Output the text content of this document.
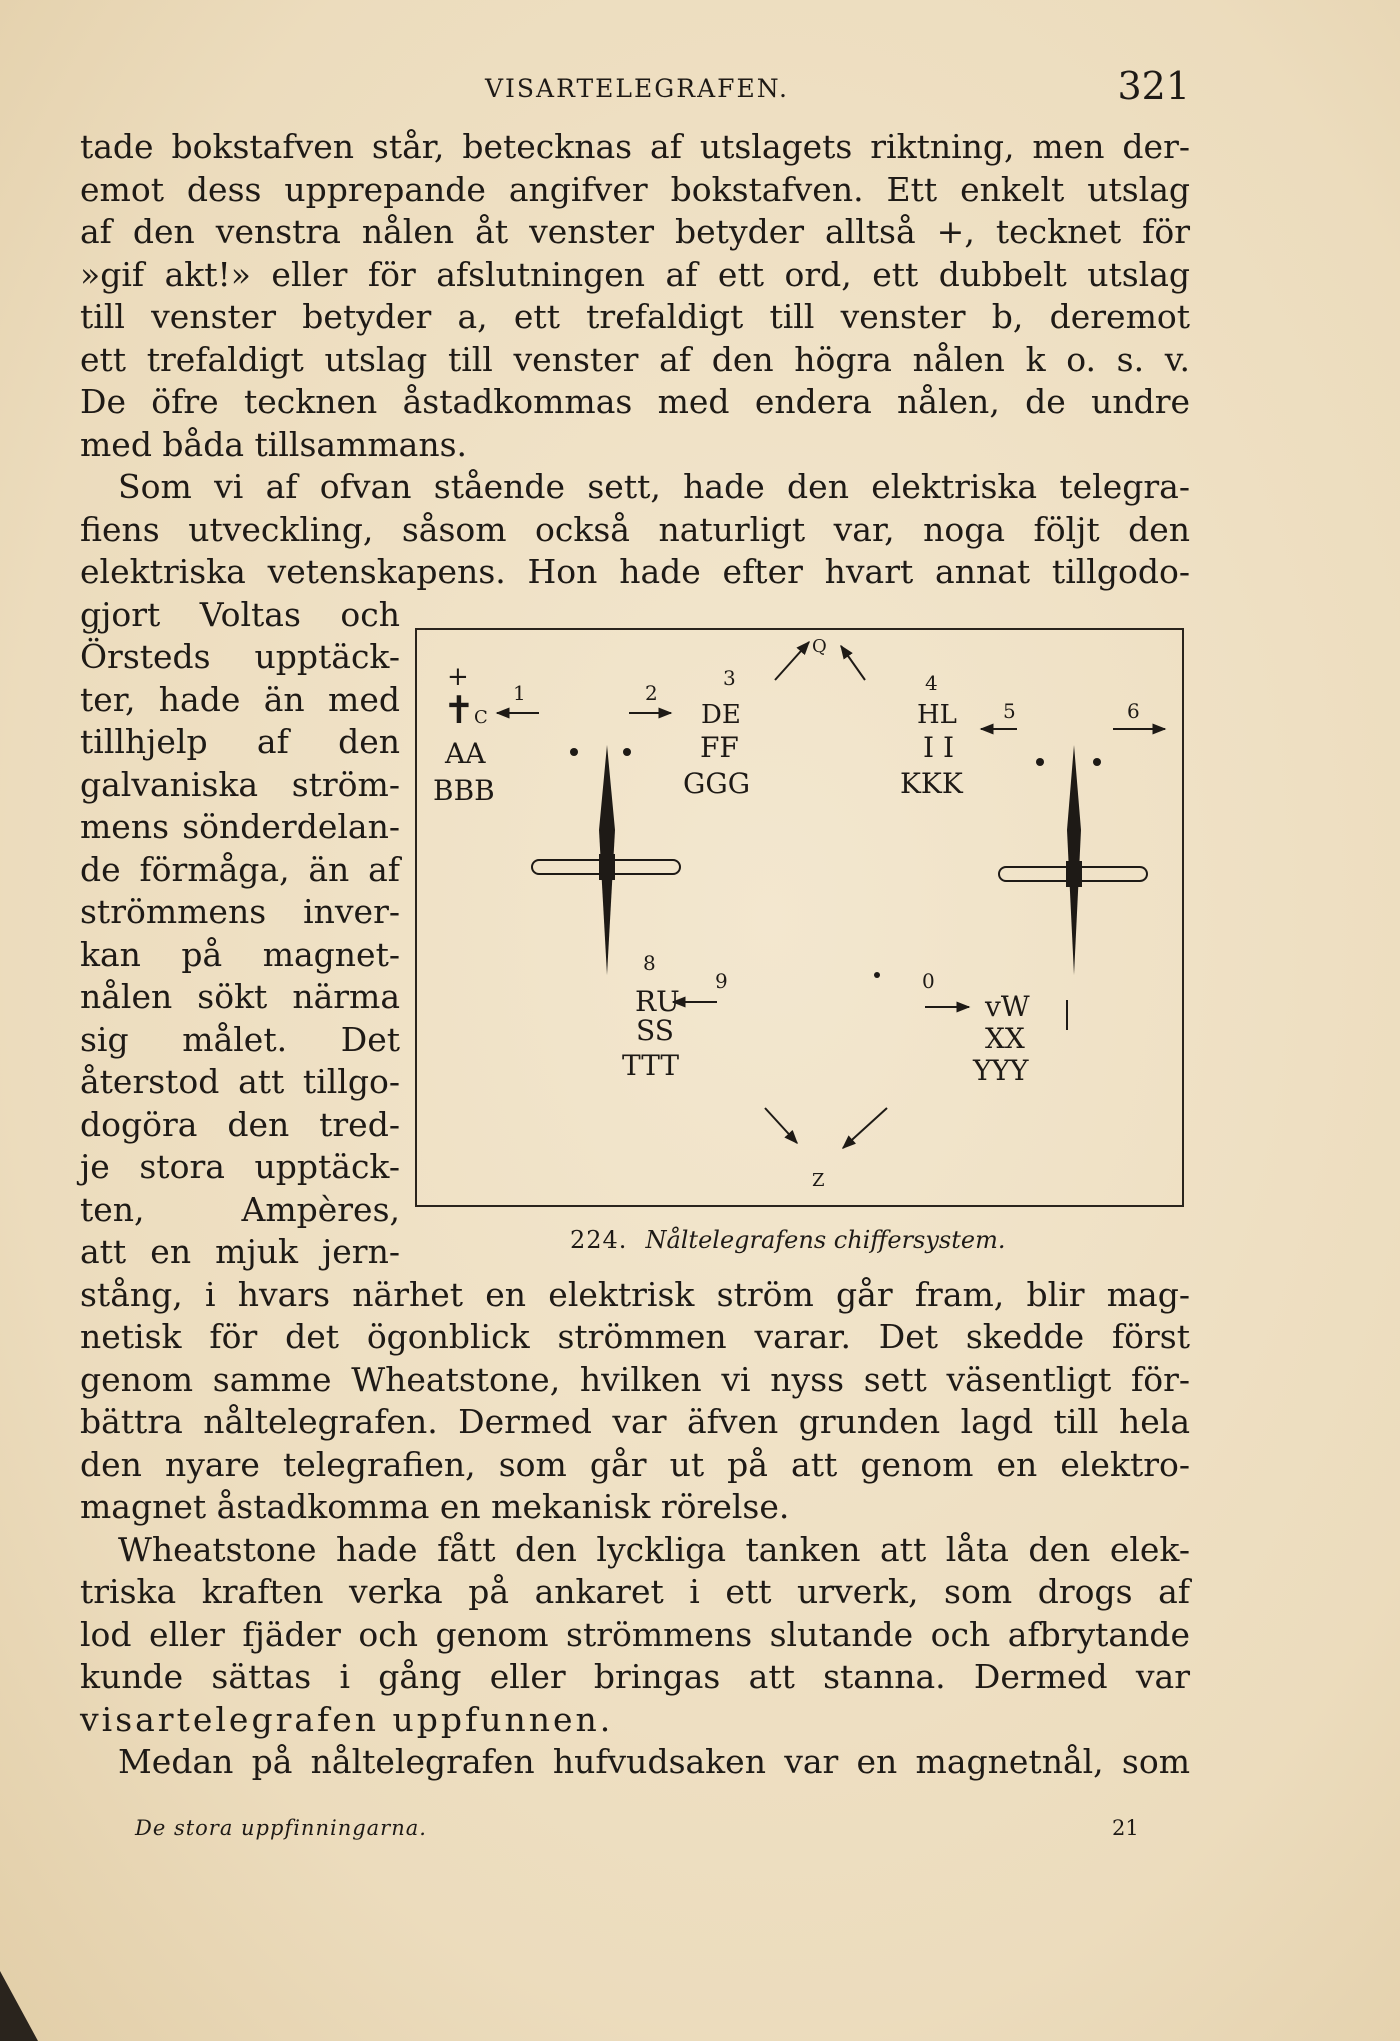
VISARTELEGRAFEN.	321
tade bokstafven står, betecknas af utslagets riktning, men der-
emot dess upprepande angifver bokstafven. Ett enkelt utslag
af den venstra nålen åt venster betyder alltså +, tecknet för
»gif akt!» eller för afslutningen af ett ord, ett dubbelt utslag
till venster betyder a, ett trefaldigt till venster b, deremot
ett trefaldigt utslag till venster af den högra nålen k o. s. v.
De öfre tecknen åstadkommas med endera nålen, de undre
med båda tillsammans.
Som vi af ofvan stående sett, hade den elektriska telegra-
fiens utveckling, såsom också naturligt var, noga följt den
elektriska vetenskapens. Hon hade efter hvart annat tillgodo-
gjort Voltas och
Örsteds upptäck-
ter, hade än med
tillhjelp af den
galvaniska ström-
mens sönderdelan-
de förmåga, än af
strömmens inver-
kan på magnet-
nålen sökt närma
sig målet. Det
återstod att tillgo-
dogöra den tred-
je stora upptäck-
ten, Ampères,
att en mjuk jern-
stång, i hvars närhet en elektrisk ström går fram, blir mag-
netisk för det ögonblick strömmen varar. Det skedde först
genom samme Wheatstone, hvilken vi nyss sett väsentligt för-
bättra nåltelegrafen. Dermed var äfven grunden lagd till hela
den nyare telegrafien, som går ut på att genom en elektro-
magnet åstadkomma en mekanisk rörelse.
Wheatstone hade fått den lyckliga tanken att låta den elek-
triska kraften verka på ankaret i ett urverk, som drogs af
lod eller fjäder och genom strömmens slutande och afbrytande
kunde sättas i gång eller bringas att stanna. Dermed var
visartelegrafen uppfunnen.
Medan på nåltelegrafen hufvudsaken var en magnetnål, som
+
✝ C
1	2
3
Q
4
5	6
DE	HL
AA
BBB
FF
GGG
I I
KKK
8
9	0
RU
SS
TTT
vW
XX
YYY
Z
224. Nåltelegrafens chiffersystem.
De stora uppfinningarna.	21
